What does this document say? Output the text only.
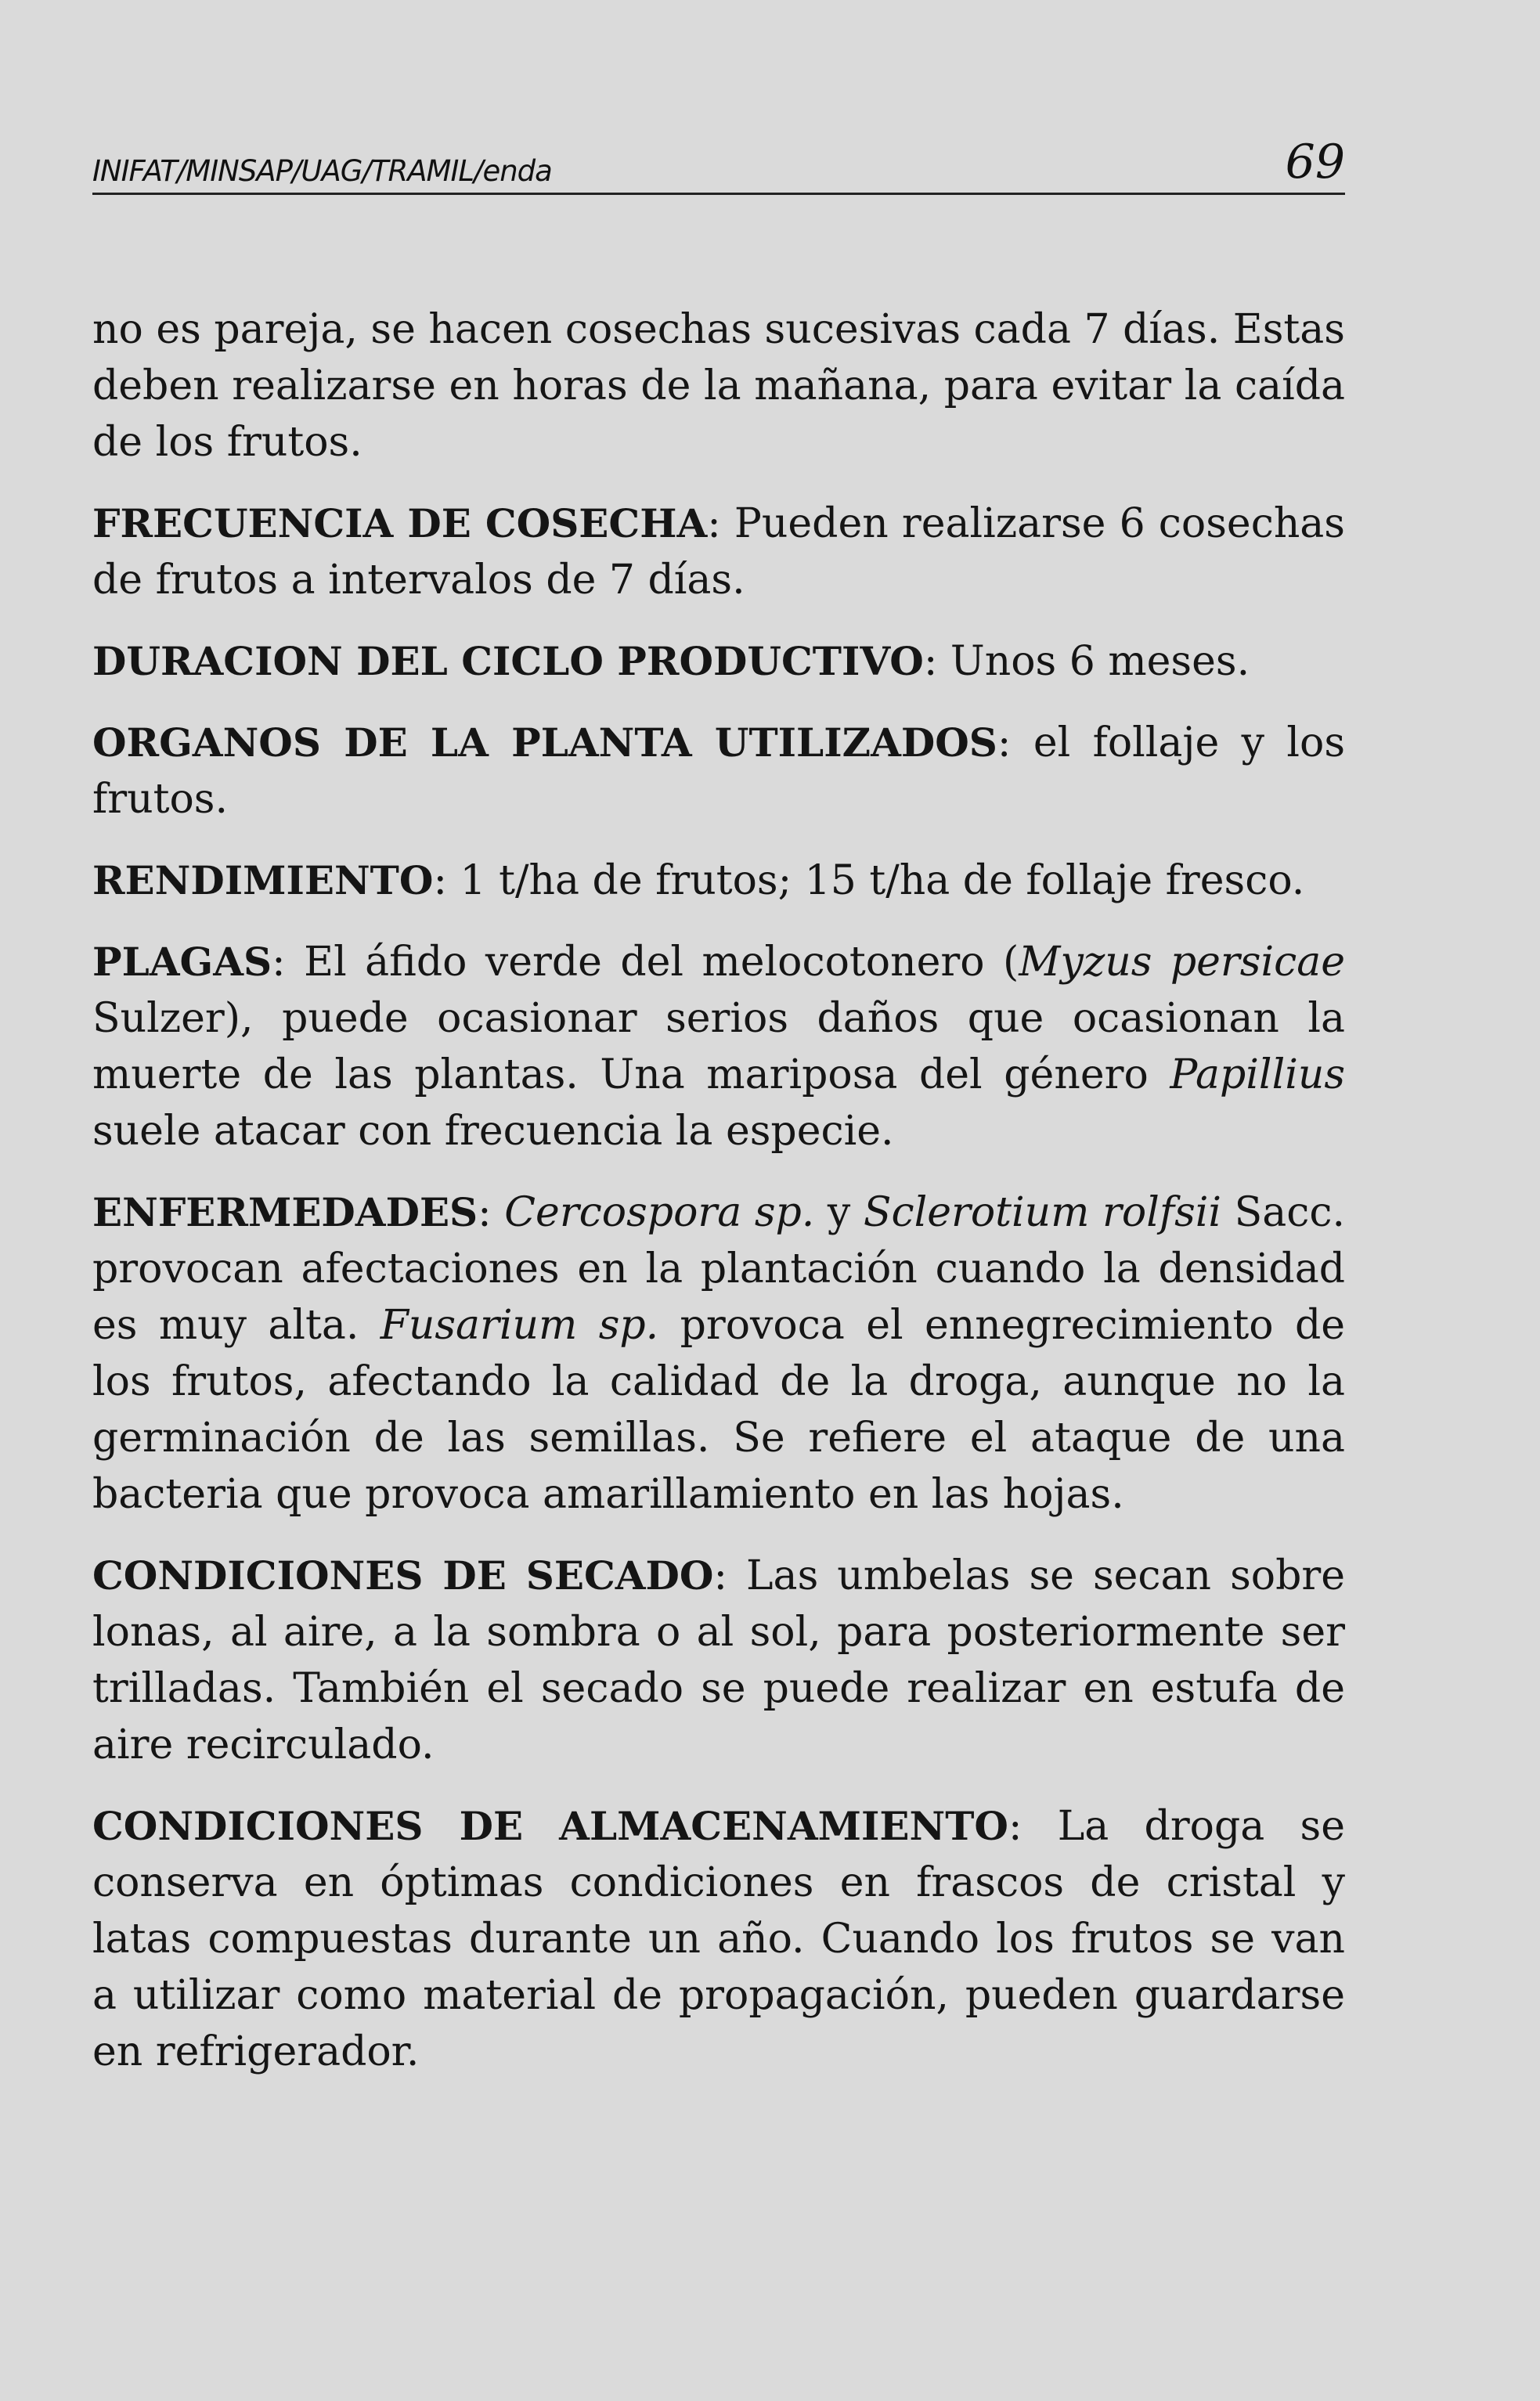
INIFAT/MINSAP/UAG/TRAMIL/enda	69

no es pareja, se hacen cosechas sucesivas cada 7 días. Estas deben realizarse en horas de la mañana, para evitar la caída de los frutos.

FRECUENCIA DE COSECHA: Pueden realizarse 6 cosechas de frutos a intervalos de 7 días.

DURACION DEL CICLO PRODUCTIVO: Unos 6 meses.

ORGANOS DE LA PLANTA UTILIZADOS: el follaje y los frutos.

RENDIMIENTO: 1 t/ha de frutos; 15 t/ha de follaje fresco.

PLAGAS: El áfido verde del melocotonero (Myzus persicae Sulzer), puede ocasionar serios daños que ocasionan la muerte de las plantas. Una mariposa del género Papillius suele atacar con frecuencia la especie.

ENFERMEDADES: Cercospora sp. y Sclerotium rolfsii Sacc. provocan afectaciones en la plantación cuando la densidad es muy alta. Fusarium sp. provoca el ennegrecimiento de los frutos, afectando la calidad de la droga, aunque no la germinación de las semillas. Se refiere el ataque de una bacteria que provoca amarillamiento en las hojas.

CONDICIONES DE SECADO: Las umbelas se secan sobre lonas, al aire, a la sombra o al sol, para posteriormente ser trilladas. También el secado se puede realizar en estufa de aire recirculado.

CONDICIONES DE ALMACENAMIENTO: La droga se conserva en óptimas condiciones en frascos de cristal y latas compuestas durante un año. Cuando los frutos se van a utilizar como material de propagación, pueden guardarse en refrigerador.
